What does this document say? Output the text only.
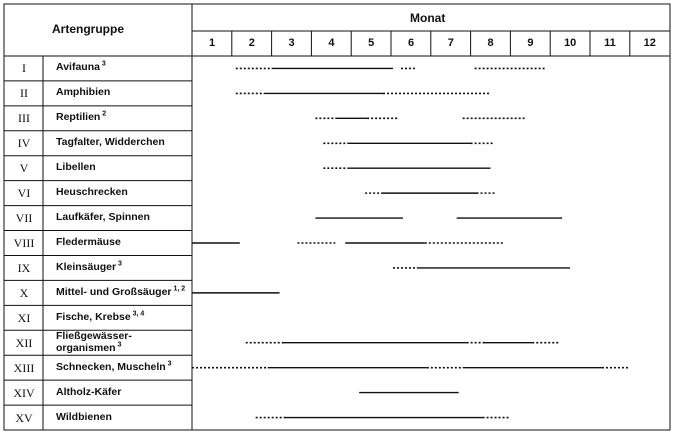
Artengruppe
Monat
1	2	3	4	5	6	7	8	9	10	11	12
I	Avifauna $^3$
II	Amphibien
III	Reptilien $^2$
IV	Tagfalter, Widderchen
V	Libellen
VI	Heuschrecken
VII	Laufkäfer, Spinnen
VIII	Fledermäuse
IX	Kleinsäuger $^3$
X	Mittel- und Großsäuger $^{1, 2}$
XI	Fische, Krebse $^{3, 4}$
XII	Fließgewässer-
organismen $^3$
XIII	Schnecken, Muscheln $^3$
XIV	Altholz-Käfer
XV	Wildbienen
